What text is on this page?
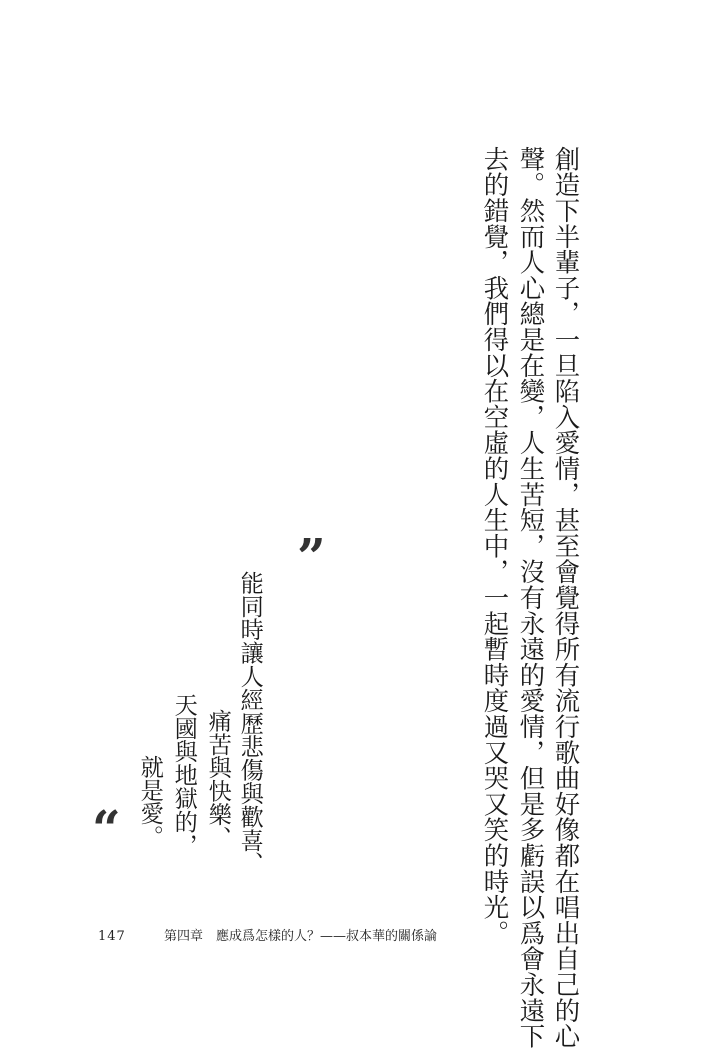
創造下半輩子，一旦陷入愛情，甚至會覺得所有流行歌曲好像都在唱出自己的心
聲。然而人心總是在變，人生苦短，沒有永遠的愛情，但是多虧誤以爲會永遠下
去的錯覺，我們得以在空虛的人生中，一起暫時度過又哭又笑的時光。
”
能同時讓人經歷悲傷與歡喜、
痛苦與快樂、
天國與地獄的，
就是愛。
“
147	第四章　應成爲怎樣的人？——叔本華的關係論
